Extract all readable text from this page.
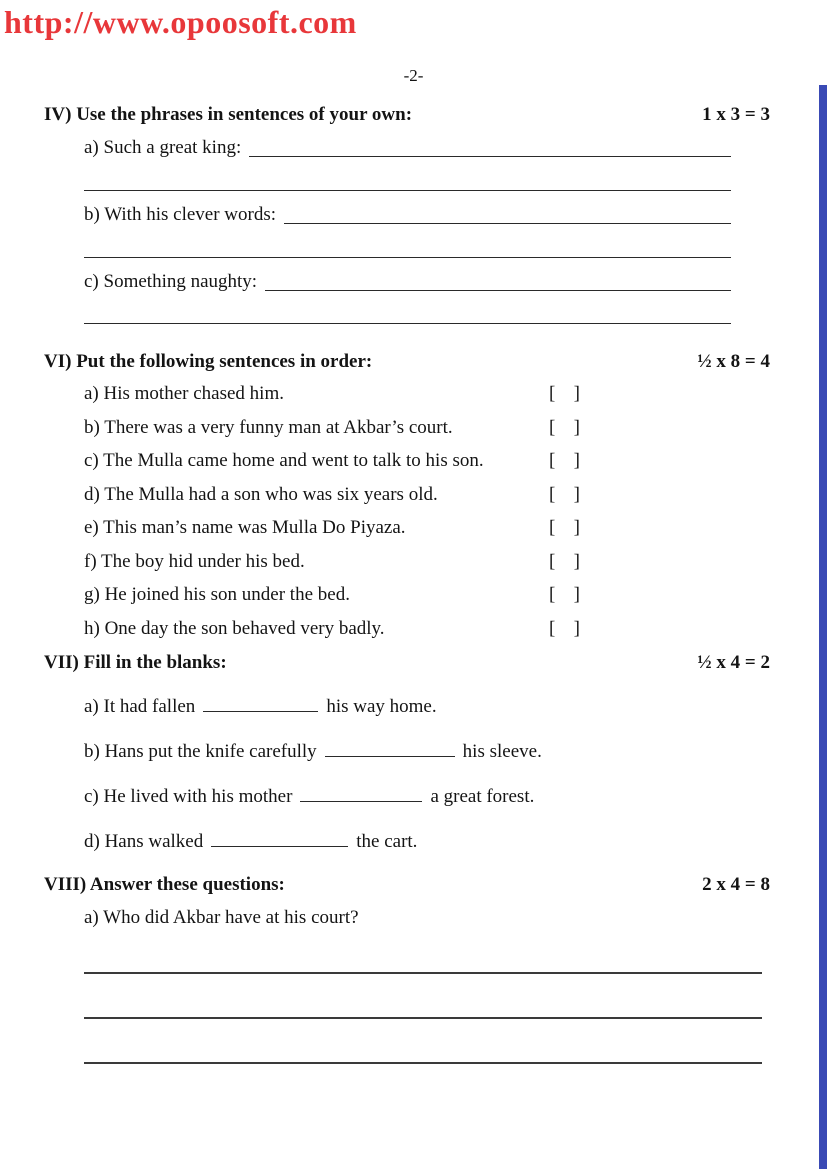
http://www.opoosoft.com
-2-
IV) Use the phrases in sentences of your own:	1 x 3 = 3
a) Such a great king:
b) With his clever words:
c) Something naughty:
VI) Put the following sentences in order:	½ x 8 = 4
a) His mother chased him.	[ ]
b) There was a very funny man at Akbar’s court.	[ ]
c) The Mulla came home and went to talk to his son.	[ ]
d) The Mulla had a son who was six years old.	[ ]
e) This man’s name was Mulla Do Piyaza.	[ ]
f) The boy hid under his bed.	[ ]
g) He joined his son under the bed.	[ ]
h) One day the son behaved very badly.	[ ]
VII) Fill in the blanks:	½ x 4 = 2
a) It had fallen	his way home.
b) Hans put the knife carefully	his sleeve.
c) He lived with his mother	a great forest.
d) Hans walked	the cart.
VIII) Answer these questions:	2 x 4 = 8
a) Who did Akbar have at his court?
